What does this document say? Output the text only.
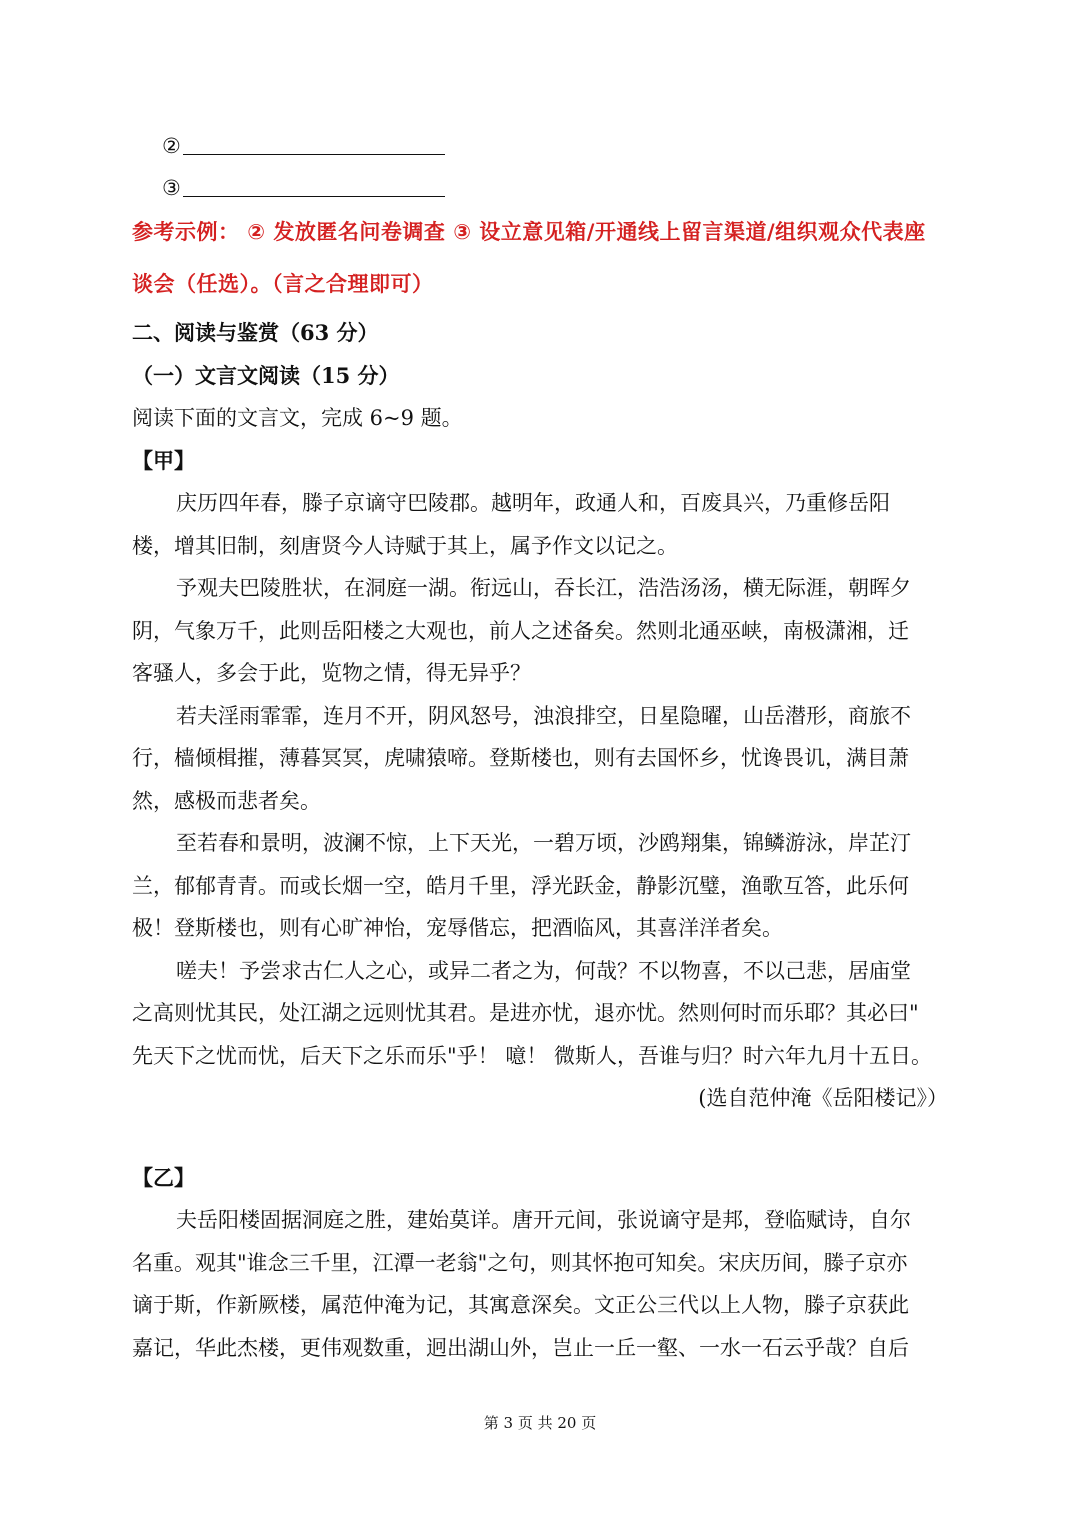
②
③
参考示例： ② 发放匿名问卷调查 ③ 设立意见箱/开通线上留言渠道/组织观众代表座
谈会（任选）。（言之合理即可）
二、阅读与鉴赏（63 分）
（一）文言文阅读（15 分）
阅读下面的文言文，完成 6~9 题。
【甲】
庆历四年春，滕子京谪守巴陵郡。越明年，政通人和，百废具兴，乃重修岳阳
楼，增其旧制，刻唐贤今人诗赋于其上，属予作文以记之。
予观夫巴陵胜状，在洞庭一湖。衔远山，吞长江，浩浩汤汤，横无际涯，朝晖夕
阴，气象万千，此则岳阳楼之大观也，前人之述备矣。然则北通巫峡，南极潇湘，迁
客骚人，多会于此，览物之情，得无异乎？
若夫淫雨霏霏，连月不开，阴风怒号，浊浪排空，日星隐曜，山岳潜形，商旅不
行，樯倾楫摧，薄暮冥冥，虎啸猿啼。登斯楼也，则有去国怀乡，忧谗畏讥，满目萧
然，感极而悲者矣。
至若春和景明，波澜不惊，上下天光，一碧万顷，沙鸥翔集，锦鳞游泳，岸芷汀
兰，郁郁青青。而或长烟一空，皓月千里，浮光跃金，静影沉璧，渔歌互答，此乐何
极！登斯楼也，则有心旷神怡，宠辱偕忘，把酒临风，其喜洋洋者矣。
嗟夫！予尝求古仁人之心，或异二者之为，何哉？不以物喜，不以己悲，居庙堂
之高则忧其民，处江湖之远则忧其君。是进亦忧，退亦忧。然则何时而乐耶？其必曰"
先天下之忧而忧，后天下之乐而乐"乎！ 噫！ 微斯人，吾谁与归？时六年九月十五日。
(选自范仲淹《岳阳楼记》）
【乙】
夫岳阳楼固据洞庭之胜，建始莫详。唐开元间，张说谪守是邦，登临赋诗，自尔
名重。观其"谁念三千里，江潭一老翁"之句，则其怀抱可知矣。宋庆历间，滕子京亦
谪于斯，作新厥楼，属范仲淹为记，其寓意深矣。文正公三代以上人物，滕子京获此
嘉记，华此杰楼，更伟观数重，迥出湖山外，岂止一丘一壑、一水一石云乎哉？自后
第 3 页 共 20 页
